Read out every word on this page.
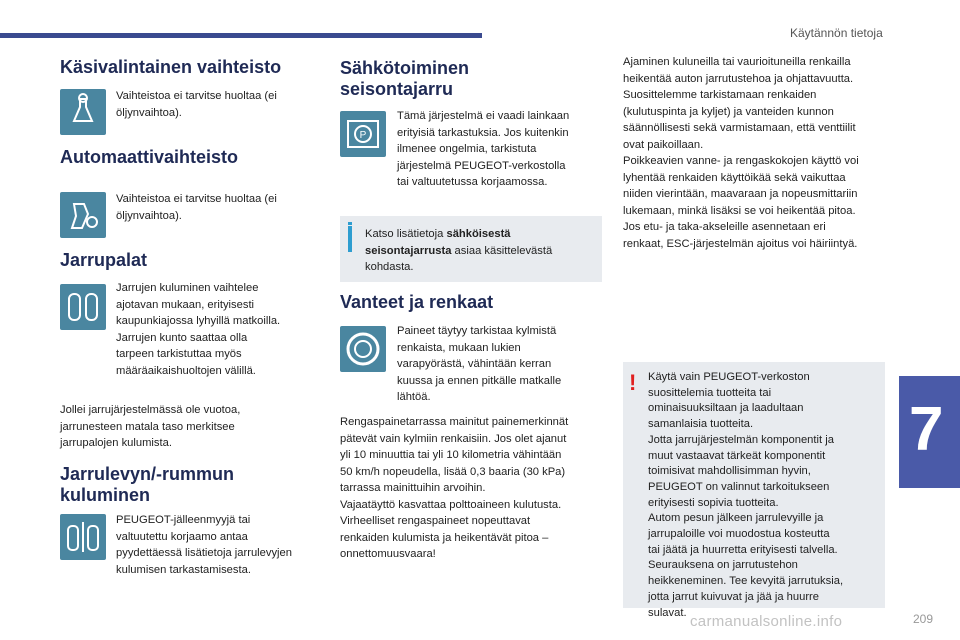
Käytännön tietoja
Käsivalintainen vaihteisto
Vaihteistoa ei tarvitse huoltaa (ei
öljynvaihtoa).
Automaattivaihteisto
Vaihteistoa ei tarvitse huoltaa (ei
öljynvaihtoa).
Jarrupalat
Jarrujen kuluminen vaihtelee
ajotavan mukaan, erityisesti
kaupunkiajossa lyhyillä matkoilla.
Jarrujen kunto saattaa olla
tarpeen tarkistuttaa myös
määräaikaishuoltojen välillä.
Jollei jarrujärjestelmässä ole vuotoa,
jarrunesteen matala taso merkitsee
jarrupalojen kulumista.
Jarrulevyn/-rummun
kuluminen
PEUGEOT-jälleenmyyjä tai
valtuutettu korjaamo antaa
pyydettäessä lisätietoja jarrulevyjen
kulumisen tarkastamisesta.
Sähkötoiminen
seisontajarru
P
Tämä järjestelmä ei vaadi lainkaan
erityisiä tarkastuksia. Jos kuitenkin
ilmenee ongelmia, tarkistuta
järjestelmä PEUGEOT-verkostolla
tai valtuutetussa korjaamossa.
Katso lisätietoja sähköisestä
seisontajarrusta asiaa käsittelevästä
kohdasta.
Vanteet ja renkaat
Paineet täytyy tarkistaa kylmistä
renkaista, mukaan lukien
varapyörästä, vähintään kerran
kuussa ja ennen pitkälle matkalle
lähtöä.
Rengaspainetarrassa mainitut painemerkinnät
pätevät vain kylmiin renkaisiin. Jos olet ajanut
yli 10 minuuttia tai yli 10 kilometria vähintään
50 km/h nopeudella, lisää 0,3 baaria (30 kPa)
tarrassa mainittuihin arvoihin.
Vajaatäyttö kasvattaa polttoaineen kulutusta.
Virheelliset rengaspaineet nopeuttavat
renkaiden kulumista ja heikentävät pitoa –
onnettomuusvaara!
Ajaminen kuluneilla tai vaurioituneilla renkailla
heikentää auton jarrutustehoa ja ohjattavuutta.
Suosittelemme tarkistamaan renkaiden
(kulutuspinta ja kyljet) ja vanteiden kunnon
säännöllisesti sekä varmistamaan, että venttiilit
ovat paikoillaan.
Poikkeavien vanne- ja rengaskokojen käyttö voi
lyhentää renkaiden käyttöikää sekä vaikuttaa
niiden vierintään, maavaraan ja nopeusmittariin
lukemaan, minkä lisäksi se voi heikentää pitoa.
Jos etu- ja taka-akseleille asennetaan eri
renkaat, ESC-järjestelmän ajoitus voi häiriintyä.
! Käytä vain PEUGEOT-verkoston
suosittelemia tuotteita tai
ominaisuuksiltaan ja laadultaan
samanlaisia tuotteita.
Jotta jarrujärjestelmän komponentit ja
muut vastaavat tärkeät komponentit
toimisivat mahdollisimman hyvin,
PEUGEOT on valinnut tarkoitukseen
erityisesti sopivia tuotteita.
Autom pesun jälkeen jarrulevyille ja
jarrupaloille voi muodostua kosteutta
tai jäätä ja huurretta erityisesti talvella.
Seurauksena on jarrutustehon
heikkeneminen. Tee kevyitä jarrutuksia,
jotta jarrut kuivuvat ja jää ja huurre
sulavat.
7
carmanualsonline.info	209
